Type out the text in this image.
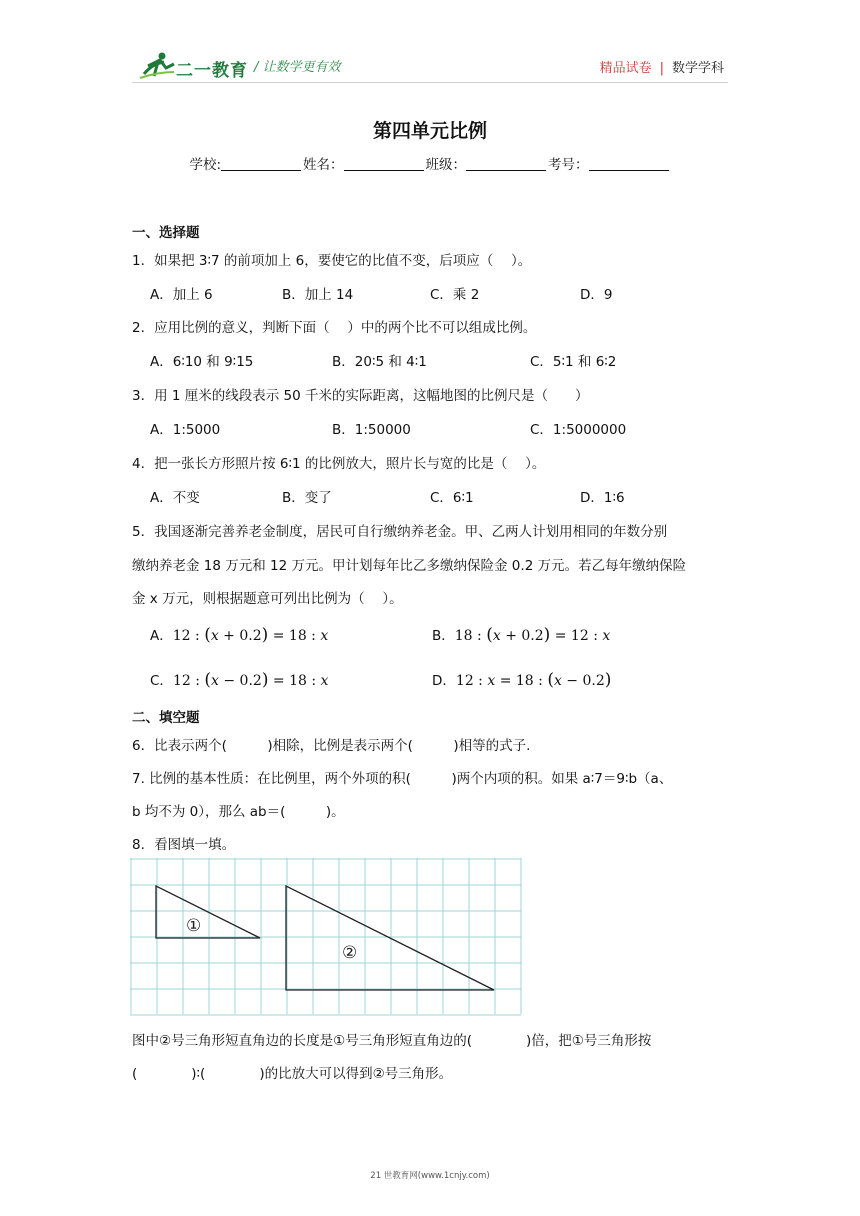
二一教育 / 让数学更有效	精品试卷 | 数学学科
第四单元比例
学校:	姓名：	班级：	考号：
一、选择题
1．如果把 3∶7 的前项加上 6，要使它的比值不变，后项应（　 ）。
A．加上 6	B．加上 14	C．乘 2	D．9
2．应用比例的意义，判断下面（　 ）中的两个比不可以组成比例。
A．6∶10 和 9∶15	B．20∶5 和 4∶1	C．5∶1 和 6∶2
3．用 1 厘米的线段表示 50 千米的实际距离，这幅地图的比例尺是（　　）
A．1:5000	B．1:50000	C．1:5000000
4．把一张长方形照片按 6∶1 的比例放大，照片长与宽的比是（　 ）。
A．不变	B．变了	C．6∶1	D．1∶6
5．我国逐渐完善养老金制度，居民可自行缴纳养老金。甲、乙两人计划用相同的年数分别
缴纳养老金 18 万元和 12 万元。甲计划每年比乙多缴纳保险金 0.2 万元。若乙每年缴纳保险
金 x 万元，则根据题意可列出比例为（　 ）。
A．12 : (x + 0.2) = 18 : x	B．18 : (x + 0.2) = 12 : x
C．12 : (x − 0.2) = 18 : x	D．12 : x = 18 : (x − 0.2)
二、填空题
6．比表示两个(　　　)相除，比例是表示两个(　　　)相等的式子.
7. 比例的基本性质：在比例里，两个外项的积(　　　)两个内项的积。如果 a∶7＝9∶b（a、
b 均不为 0），那么 ab＝(　　　)。
8．看图填一填。
①
②
图中②号三角形短直角边的长度是①号三角形短直角边的(　　　　)倍，把①号三角形按
(　　　　)∶(　　　　)的比放大可以得到②号三角形。
21 世教育网(www.1cnjy.com)
